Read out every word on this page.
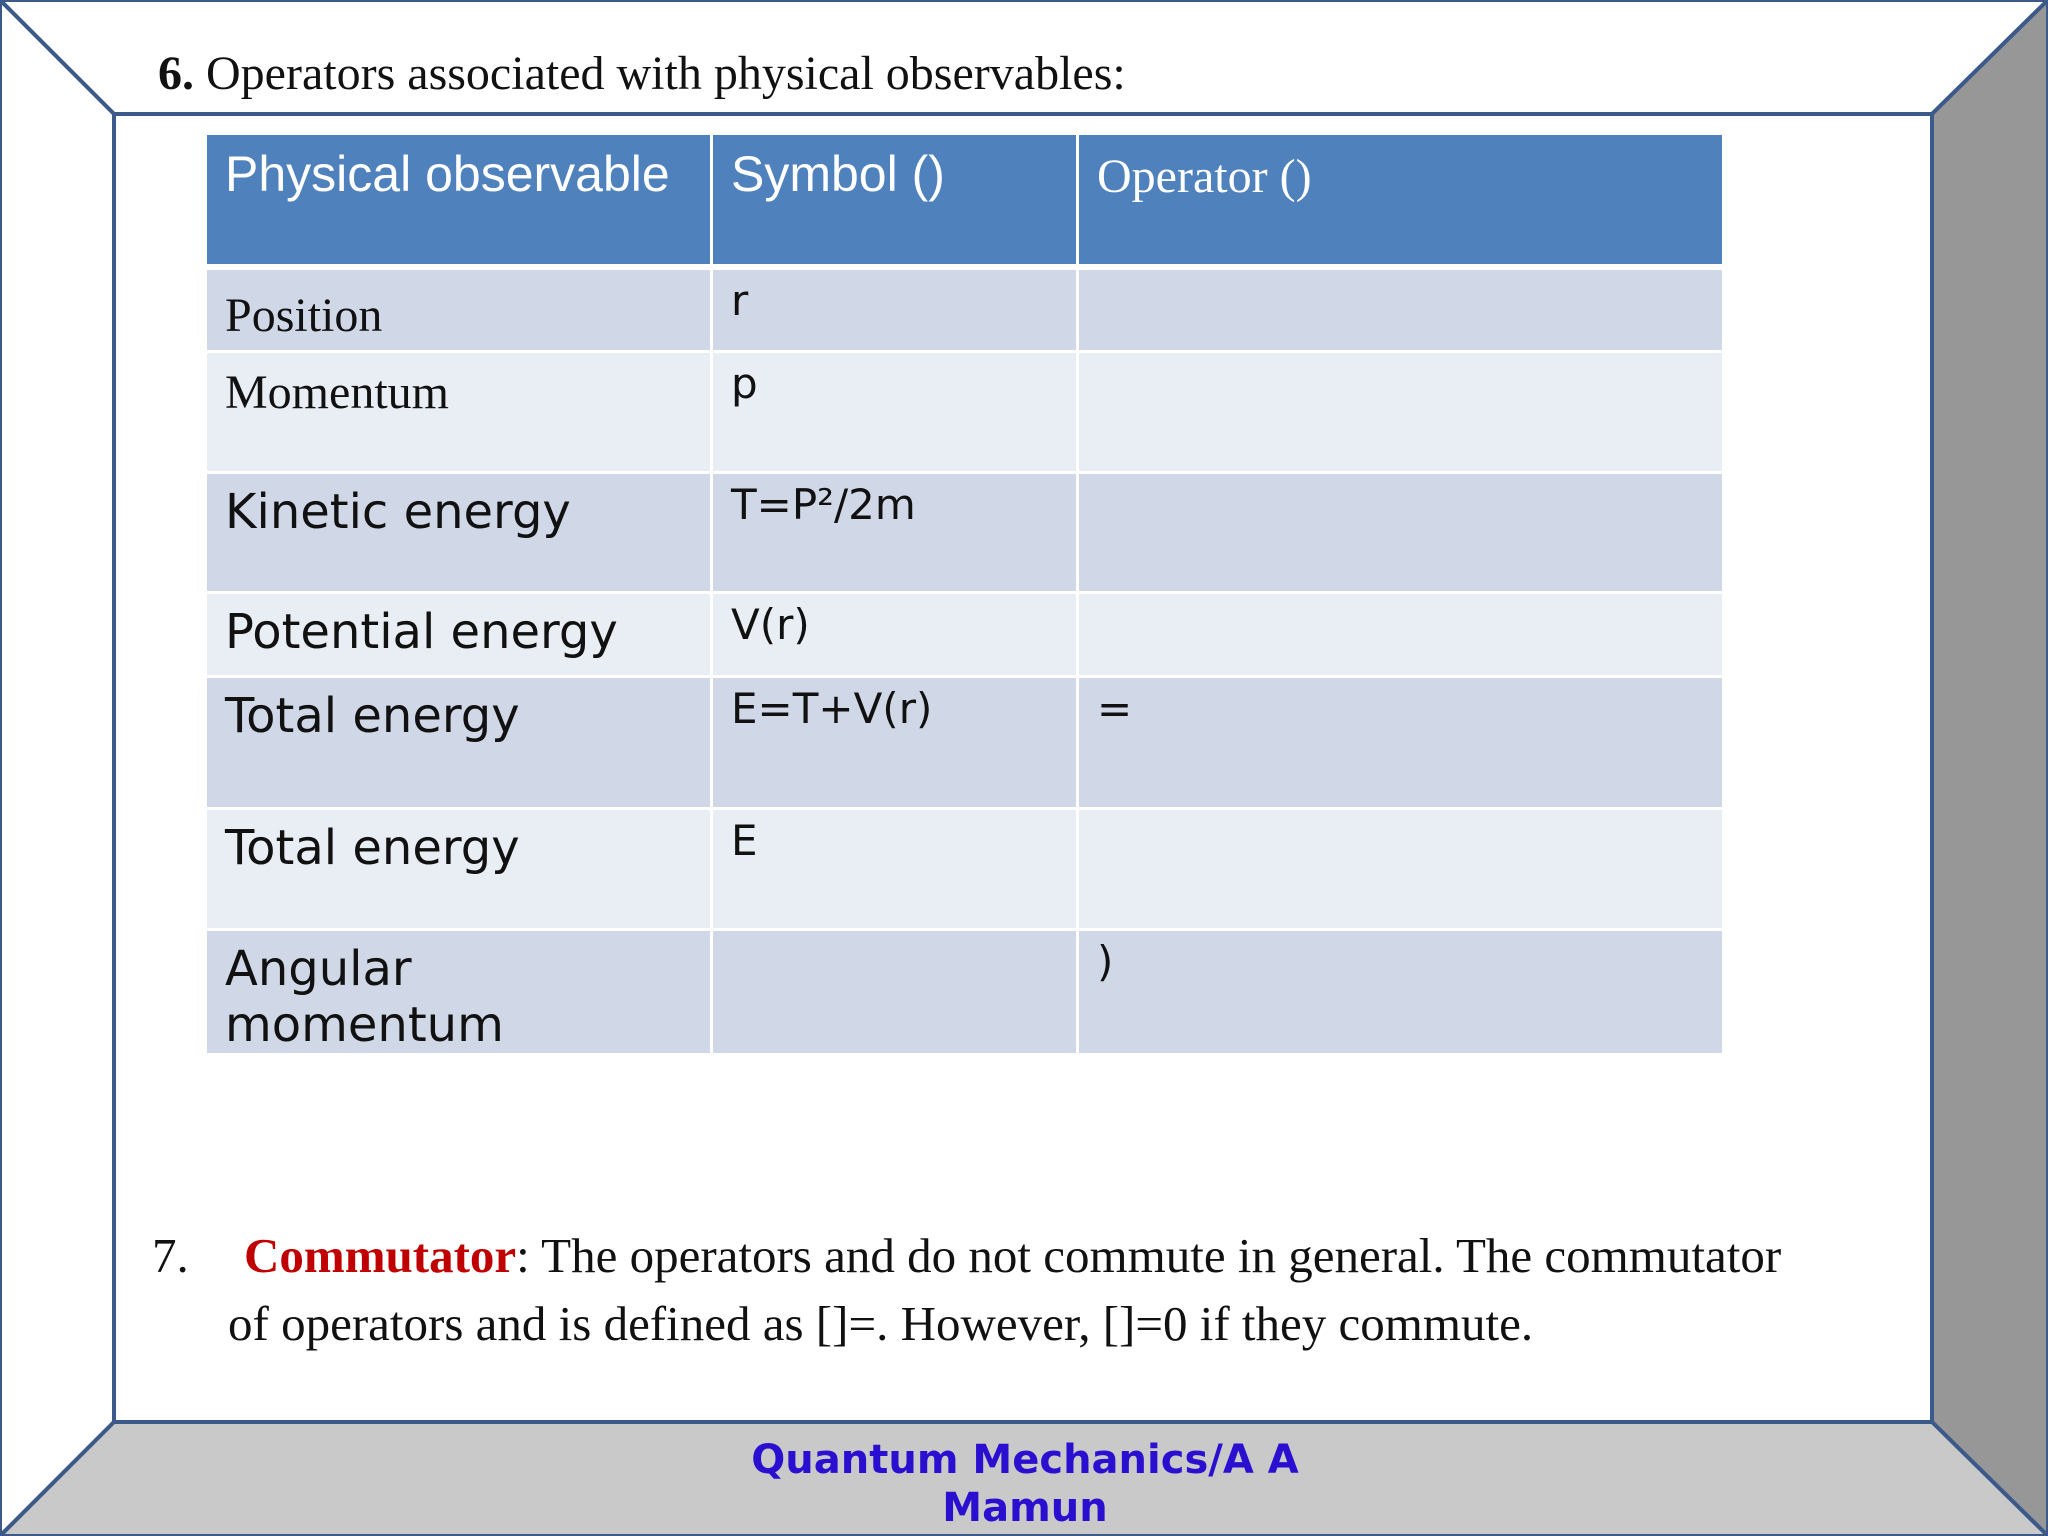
6. Operators associated with physical observables:
Physical observable	Symbol ()	Operator ()
Position	r	
Momentum	p	
Kinetic energy	T=P²/2m	
Potential energy	V(r)	
Total energy	E=T+V(r)	=
Total energy	E	
Angular momentum		)
7. Commutator: The operators and do not commute in general. The commutator
of operators and is defined as []=. However, []=0 if they commute.
Quantum Mechanics/A A
Mamun
